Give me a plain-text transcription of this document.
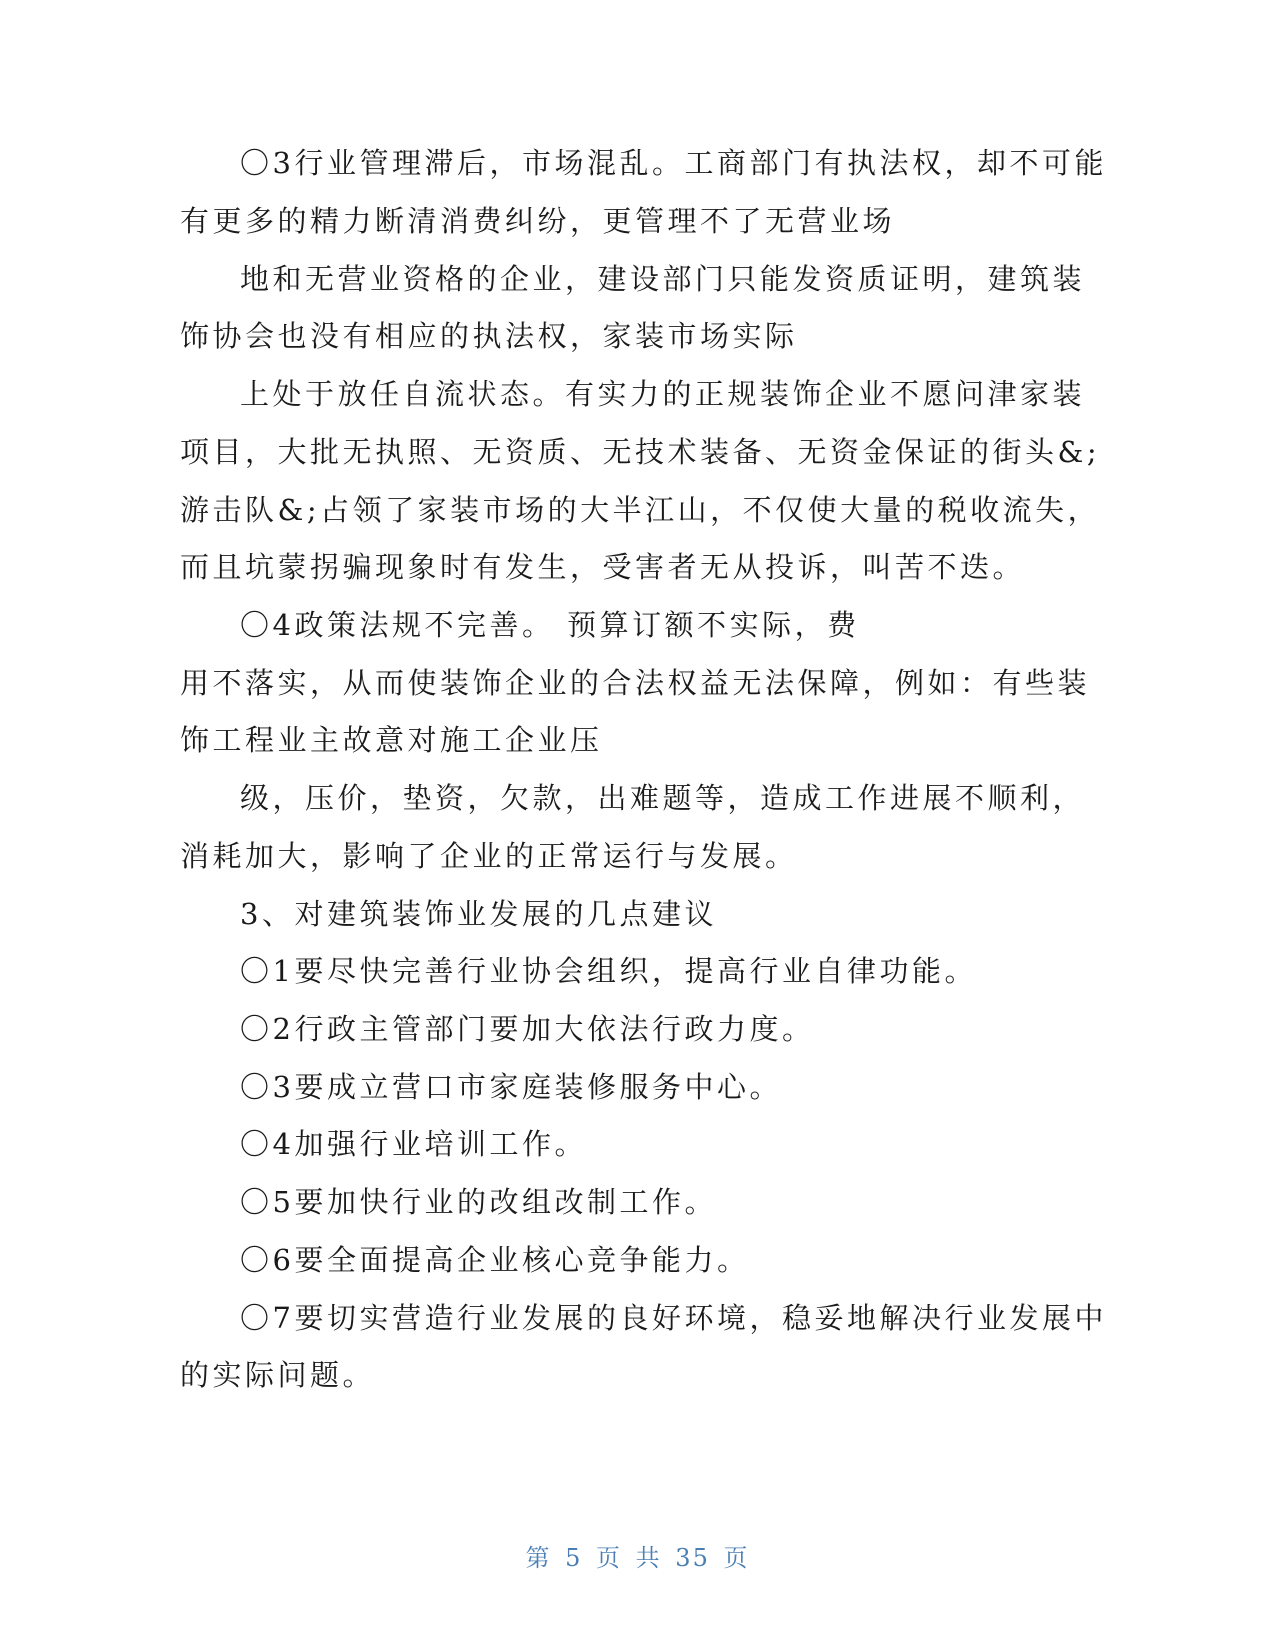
〇3行业管理滞后，市场混乱。工商部门有执法权，却不可能
有更多的精力断清消费纠纷，更管理不了无营业场
地和无营业资格的企业，建设部门只能发资质证明，建筑装
饰协会也没有相应的执法权，家装市场实际
上处于放任自流状态。有实力的正规装饰企业不愿问津家装
项目，大批无执照、无资质、无技术装备、无资金保证的街头&;
游击队&;占领了家装市场的大半江山，不仅使大量的税收流失，
而且坑蒙拐骗现象时有发生，受害者无从投诉，叫苦不迭。
〇4政策法规不完善。 预算订额不实际，费
用不落实，从而使装饰企业的合法权益无法保障，例如：有些装
饰工程业主故意对施工企业压
级，压价，垫资，欠款，出难题等，造成工作进展不顺利，
消耗加大，影响了企业的正常运行与发展。
3、对建筑装饰业发展的几点建议
〇1要尽快完善行业协会组织，提高行业自律功能。
〇2行政主管部门要加大依法行政力度。
〇3要成立营口市家庭装修服务中心。
〇4加强行业培训工作。
〇5要加快行业的改组改制工作。
〇6要全面提高企业核心竞争能力。
〇7要切实营造行业发展的良好环境，稳妥地解决行业发展中
的实际问题。
第 5 页 共 35 页
